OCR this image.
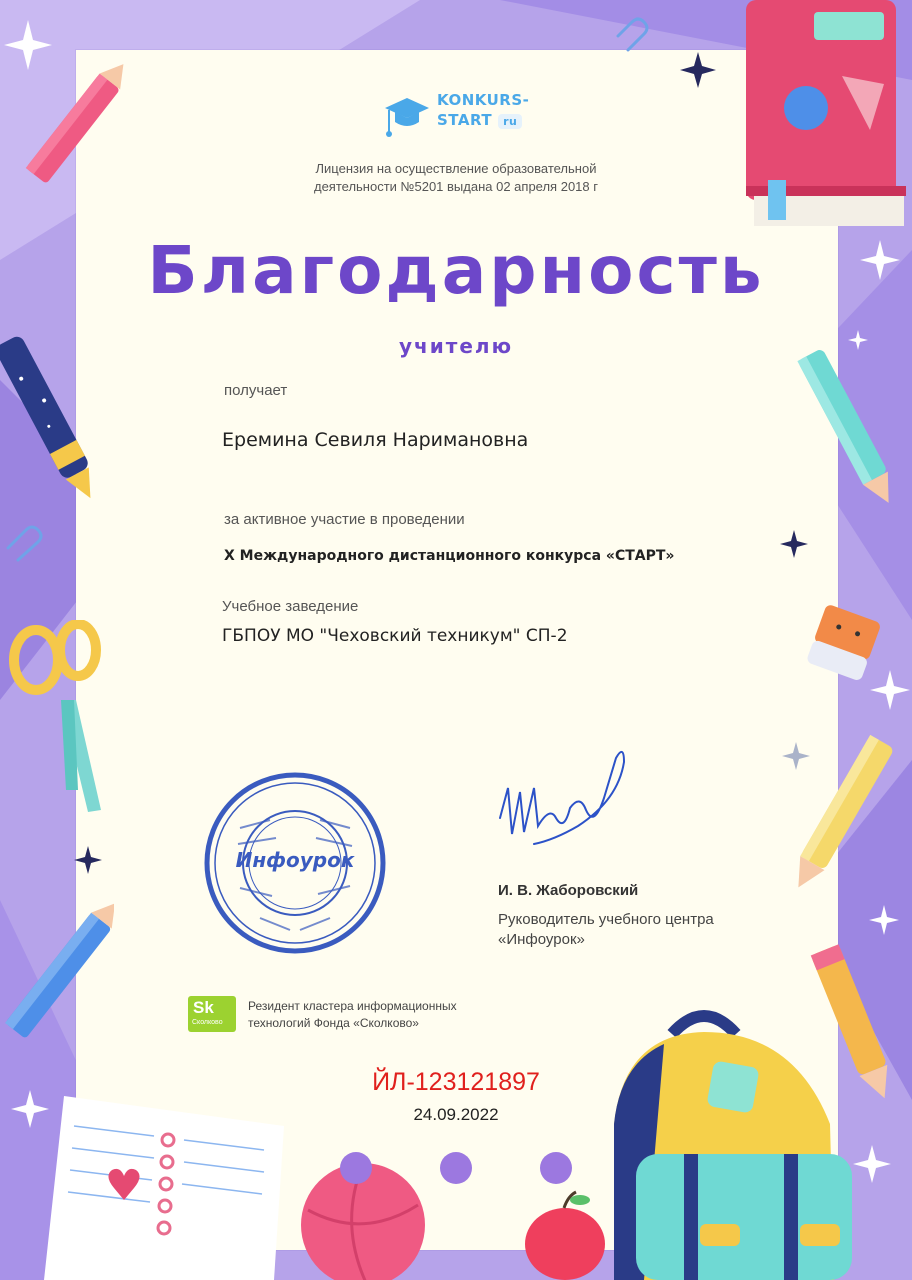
KONKURS-
START ru
Лицензия на осуществление образовательной
деятельности №5201 выдана 02 апреля 2018 г
Благодарность
учителю
получает
Еремина Севиля Наримановна
за активное участие в проведении
X Международного дистанционного конкурса «СТАРТ»
Учебное заведение
ГБПОУ МО "Чеховский техникум" СП-2
Инфоурок
И. В. Жаборовский
Руководитель учебного центра
«Инфоурок»
Sk
Сколково
Резидент кластера информационных
технологий Фонда «Сколково»
ЙЛ-123121897
24.09.2022
